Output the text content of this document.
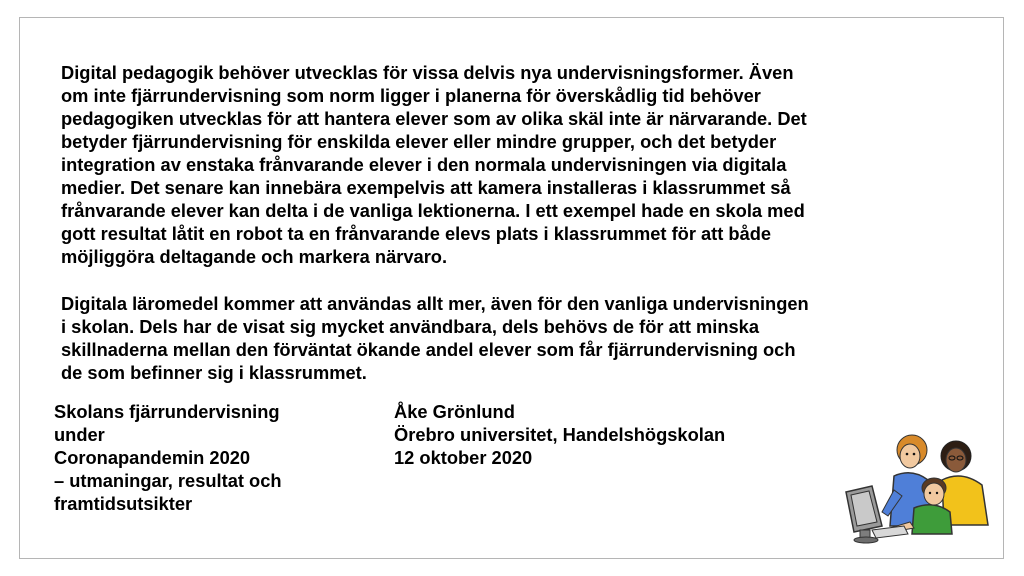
Digital pedagogik behöver utvecklas för vissa delvis nya undervisningsformer. Även
om inte fjärrundervisning som norm ligger i planerna för överskådlig tid behöver
pedagogiken utvecklas för att hantera elever som av olika skäl inte är närvarande. Det
betyder fjärrundervisning för enskilda elever eller mindre grupper, och det betyder
integration av enstaka frånvarande elever i den normala undervisningen via digitala
medier. Det senare kan innebära exempelvis att kamera installeras i klassrummet så
frånvarande elever kan delta i de vanliga lektionerna. I ett exempel hade en skola med
gott resultat låtit en robot ta en frånvarande elevs plats i klassrummet för att både
möjliggöra deltagande och markera närvaro.

Digitala läromedel kommer att användas allt mer, även för den vanliga undervisningen
i skolan. Dels har de visat sig mycket användbara, dels behövs de för att minska
skillnaderna mellan den förväntat ökande andel elever som får fjärrundervisning och
de som befinner sig i klassrummet.

Skolans fjärrundervisning
under
Coronapandemin 2020
– utmaningar, resultat och
framtidsutsikter

Åke Grönlund
Örebro universitet, Handelshögskolan
12 oktober 2020
